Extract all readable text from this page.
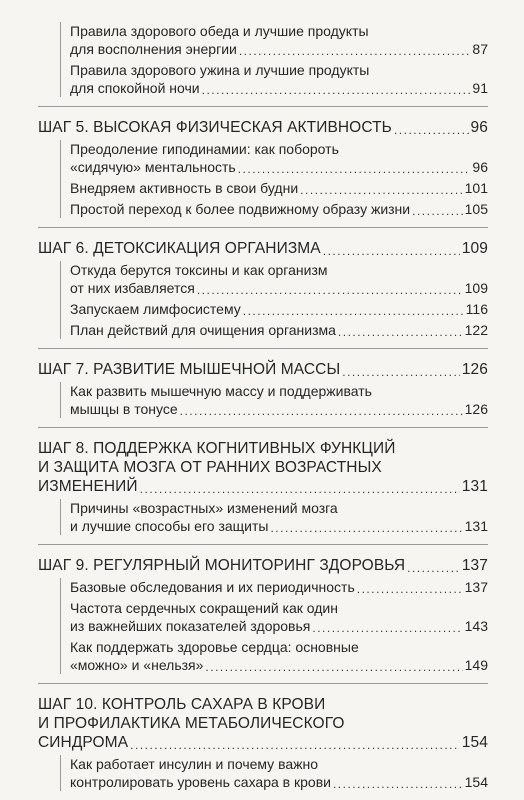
Правила здорового обеда и лучшие продукты
для восполнения энергии .....	87
Правила здорового ужина и лучшие продукты
для спокойной ночи .....	91
ШАГ 5. ВЫСОКАЯ ФИЗИЧЕСКАЯ АКТИВНОСТЬ .....	96
Преодоление гиподинамии: как побороть
«сидячую» ментальность .....	96
Внедряем активность в свои будни .....	101
Простой переход к более подвижному образу жизни .....	105
ШАГ 6. ДЕТОКСИКАЦИЯ ОРГАНИЗМА .....	109
Откуда берутся токсины и как организм
от них избавляется .....	109
Запускаем лимфосистему .....	116
План действий для очищения организма .....	122
ШАГ 7. РАЗВИТИЕ МЫШЕЧНОЙ МАССЫ .....	126
Как развить мышечную массу и поддерживать
мышцы в тонусе .....	126
ШАГ 8. ПОДДЕРЖКА КОГНИТИВНЫХ ФУНКЦИЙ
И ЗАЩИТА МОЗГА ОТ РАННИХ ВОЗРАСТНЫХ
ИЗМЕНЕНИЙ .....	131
Причины «возрастных» изменений мозга
и лучшие способы его защиты .....	131
ШАГ 9. РЕГУЛЯРНЫЙ МОНИТОРИНГ ЗДОРОВЬЯ .....	137
Базовые обследования и их периодичность .....	137
Частота сердечных сокращений как один
из важнейших показателей здоровья .....	143
Как поддержать здоровье сердца: основные
«можно» и «нельзя» .....	149
ШАГ 10. КОНТРОЛЬ САХАРА В КРОВИ
И ПРОФИЛАКТИКА МЕТАБОЛИЧЕСКОГО
СИНДРОМА .....	154
Как работает инсулин и почему важно
контролировать уровень сахара в крови .....	154
